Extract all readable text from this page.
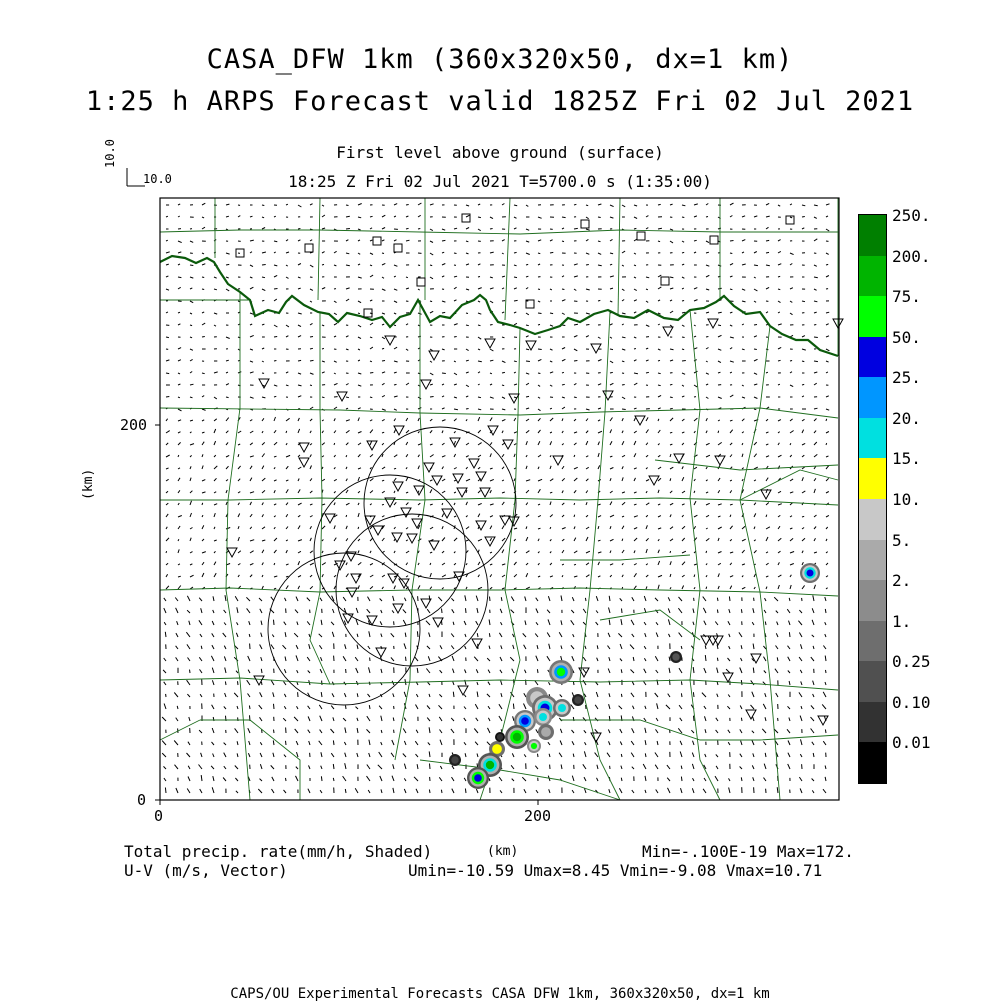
CASA_DFW 1km (360x320x50, dx=1 km)
1:25 h ARPS Forecast valid 1825Z Fri 02 Jul 2021
First level above ground (surface)
18:25 Z Fri 02 Jul 2021 T=5700.0 s (1:35:00)
10.0
10.0
(km)
200
0
0	200
250.
200.
75.
50.
25.
20.
15.
10.
5.
2.
1.
0.25
0.10
0.01
Total precip. rate(mm/h, Shaded)
U-V (m/s, Vector)
(km)	Min=-.100E-19 Max=172.
Umin=-10.59 Umax=8.45 Vmin=-9.08 Vmax=10.71
CAPS/OU Experimental Forecasts CASA DFW 1km, 360x320x50, dx=1 km
